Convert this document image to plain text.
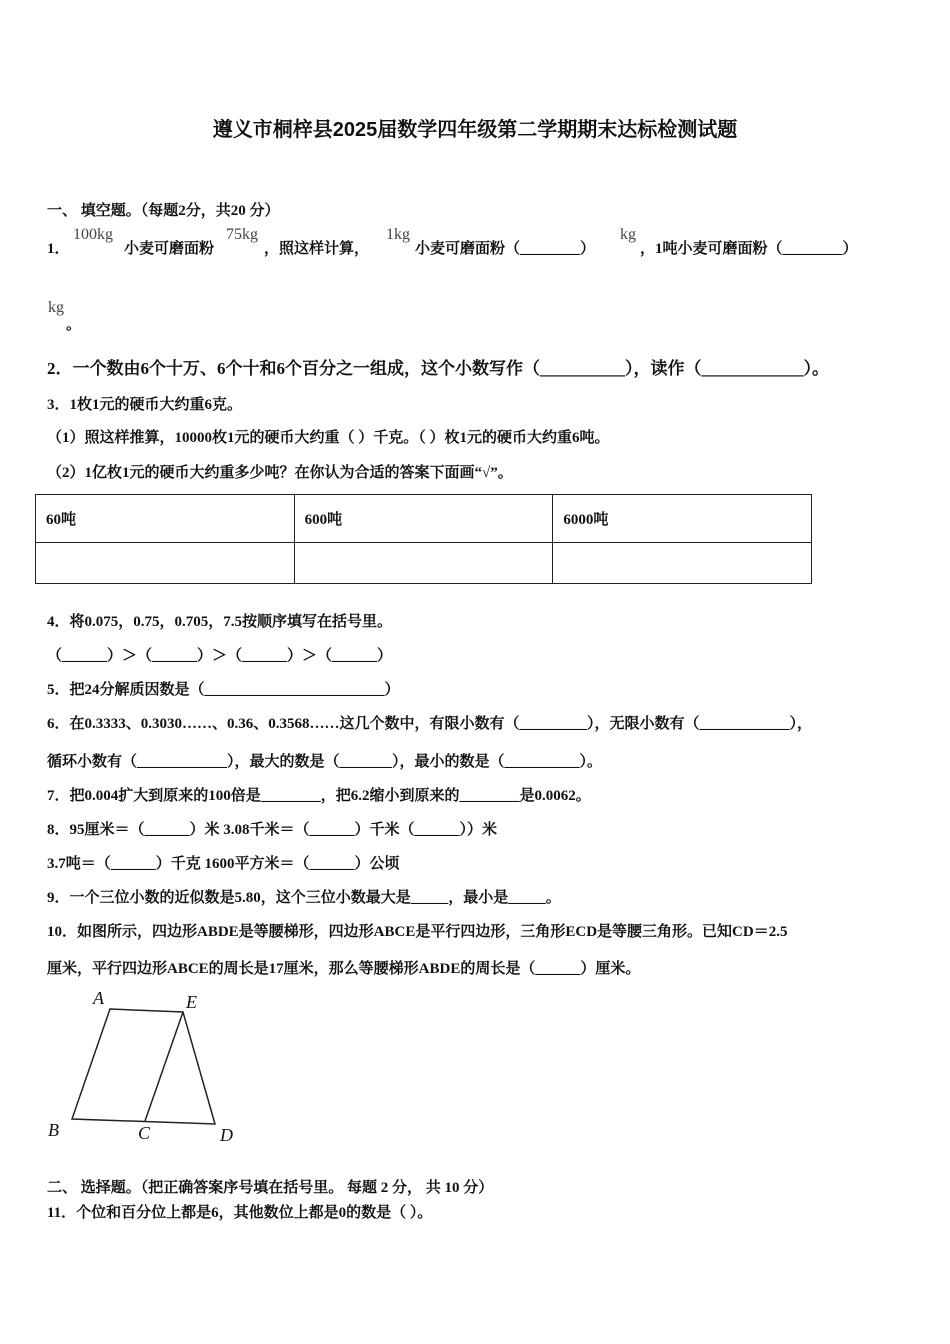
遵义市桐梓县2025届数学四年级第二学期期末达标检测试题
一、 填空题。（每题2分，共20 分）
1．
100kg
小麦可磨面粉
75kg
，照这样计算，
1kg
小麦可磨面粉（________）
kg
，1吨小麦可磨面粉（________）
kg
。
2．一个数由6个十万、6个十和6个百分之一组成，这个小数写作（__________），读作（____________）。
3．1枚1元的硬币大约重6克。
（1）照这样推算，10000枚1元的硬币大约重（ ）千克。（ ）枚1元的硬币大约重6吨。
（2）1亿枚1元的硬币大约重多少吨？在你认为合适的答案下面画“√”。
60吨	600吨	6000吨

4．将0.075，0.75，0.705，7.5按顺序填写在括号里。
（______）＞（______）＞（______）＞（______）
5．把24分解质因数是（________________________）
6．在0.3333、0.3030……、0.36、0.3568……这几个数中，有限小数有（_________），无限小数有（____________），
循环小数有（____________），最大的数是（_______），最小的数是（__________）。
7．把0.004扩大到原来的100倍是________，把6.2缩小到原来的________是0.0062。
8．95厘米＝（______）米 3.08千米＝（______）千米（______））米
3.7吨＝（______）千克 1600平方米＝（______）公顷
9．一个三位小数的近似数是5.80，这个三位小数最大是_____，最小是_____。
10．如图所示，四边形ABDE是等腰梯形，四边形ABCE是平行四边形，三角形ECD是等腰三角形。已知CD＝2.5
厘米，平行四边形ABCE的周长是17厘米，那么等腰梯形ABDE的周长是（______）厘米。
A	E
B	C	D
二、 选择题。（把正确答案序号填在括号里。 每题 2 分， 共 10 分）
11．个位和百分位上都是6，其他数位上都是0的数是（ ）。
